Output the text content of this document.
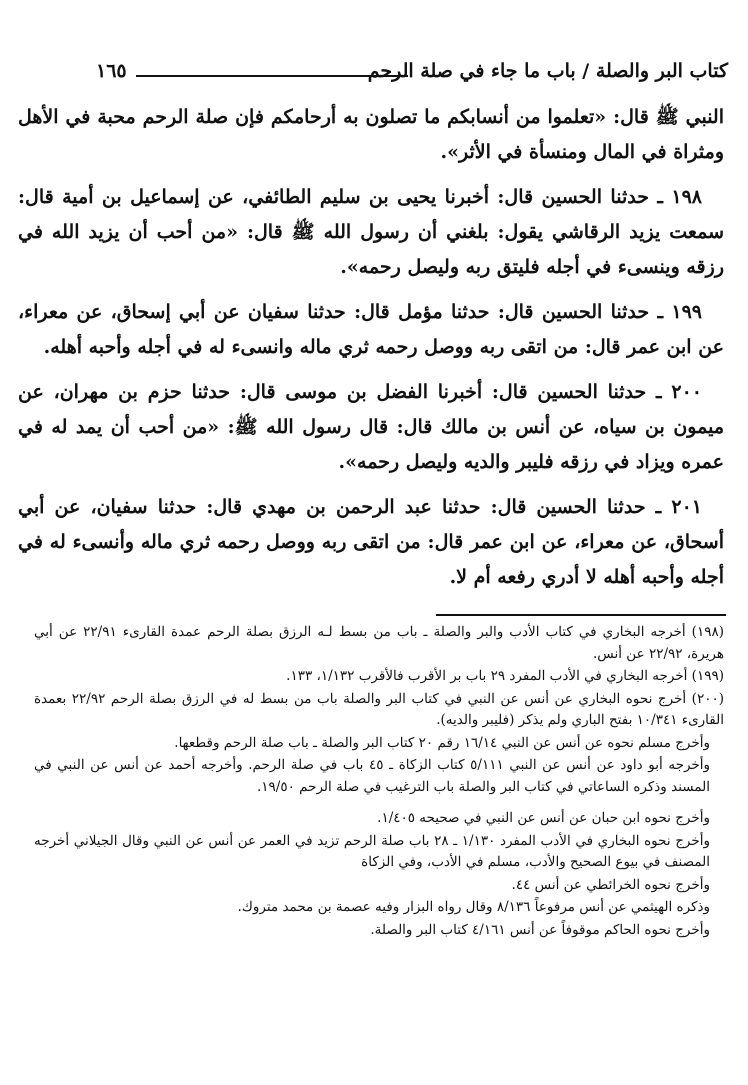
كتاب البر والصلة / باب ما جاء في صلة الرحم
١٦٥

النبي ﷺ قال: «تعلموا من أنسابكم ما تصلون به أرحامكم فإن صلة الرحم محبة في الأهل ومثراة في المال ومنسأة في الأثر».

١٩٨ ـ حدثنا الحسين قال: أخبرنا يحيى بن سليم الطائفي، عن إسماعيل بن أمية قال: سمعت يزيد الرقاشي يقول: بلغني أن رسول الله ﷺ قال: «من أحب أن يزيد الله في رزقه وينسىء في أجله فليتق ربه وليصل رحمه».

١٩٩ ـ حدثنا الحسين قال: حدثنا مؤمل قال: حدثنا سفيان عن أبي إسحاق، عن معراء، عن ابن عمر قال: من اتقى ربه ووصل رحمه ثري ماله وانسىء له في أجله وأحبه أهله.

٢٠٠ ـ حدثنا الحسين قال: أخبرنا الفضل بن موسى قال: حدثنا حزم بن مهران، عن ميمون بن سياه، عن أنس بن مالك قال: قال رسول الله ﷺ: «من أحب أن يمد له في عمره ويزاد في رزقه فليبر والديه وليصل رحمه».

٢٠١ ـ حدثنا الحسين قال: حدثنا عبد الرحمن بن مهدي قال: حدثنا سفيان، عن أبي أسحاق، عن معراء، عن ابن عمر قال: من اتقى ربه ووصل رحمه ثري ماله وأنسىء له في أجله وأحبه أهله لا أدري رفعه أم لا.

(١٩٨) أخرجه البخاري في كتاب الأدب والبر والصلة ـ باب من بسط لـه الرزق بصلة الرحم عمدة القارىء ٢٢/٩١ عن أبي هريرة، ٢٢/٩٢ عن أنس.

(١٩٩) أخرجه البخاري في الأدب المفرد ٢٩ باب بر الأقرب فالأقرب ١/١٣٢، ١٣٣.

(٢٠٠) أخرج نحوه البخاري عن أنس عن النبي في كتاب البر والصلة باب من بسط له في الرزق بصلة الرحم ٢٢/٩٢ بعمدة القارىء ١٠/٣٤١ بفتح الباري ولم يذكر (فليبر والديه).

وأخرج مسلم نحوه عن أنس عن النبي ١٦/١٤ رقم ٢٠ كتاب البر والصلة ـ باب صلة الرحم وقطعها.

وأخرجه أبو داود عن أنس عن النبي ٥/١١١ كتاب الزكاة ـ ٤٥ باب في صلة الرحم. وأخرجه أحمد عن أنس عن النبي في المسند وذكره الساعاتي في كتاب البر والصلة باب الترغيب في صلة الرحم ١٩/٥٠.

وأخرج نحوه ابن حبان عن أنس عن النبي في صحيحه ١/٤٠٥.

وأخرج نحوه البخاري في الأدب المفرد ١/١٣٠ ـ ٢٨ باب صلة الرحم تزيد في العمر عن أنس عن النبي وقال الجيلاني أخرجه المصنف في بيوع الصحيح والأدب، مسلم في الأدب، وفي الزكاة

وأخرج نحوه الخرائطي عن أنس ٤٤.

وذكره الهيثمي عن أنس مرفوعاً ٨/١٣٦ وقال رواه البزار وفيه عصمة بن محمد متروك.

وأخرج نحوه الحاكم موقوفاً عن أنس ٤/١٦١ كتاب البر والصلة.
